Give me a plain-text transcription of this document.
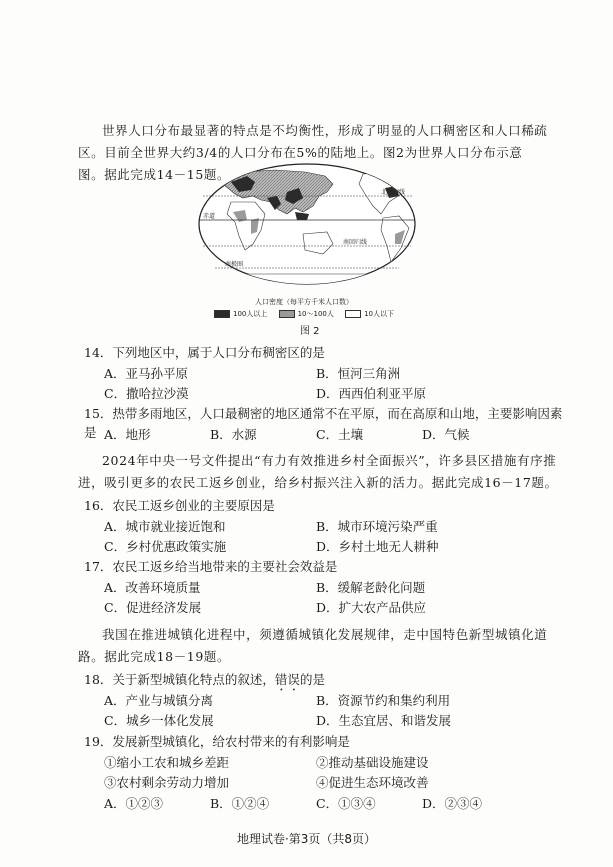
世界人口分布最显著的特点是不均衡性，形成了明显的人口稠密区和人口稀疏区。目前全世界大约3/4的人口分布在5%的陆地上。图2为世界人口分布示意图。据此完成14－15题。
北回归线
赤道
南回归线
南极圈
人口密度（每平方千米人口数）
100人以上	10～100人	10人以下
图 2
14．下列地区中，属于人口分布稠密区的是
A．亚马孙平原	B．恒河三角洲
C．撒哈拉沙漠	D．西西伯利亚平原
15．热带多雨地区，人口最稠密的地区通常不在平原，而在高原和山地，主要影响因素是 A．地形	B．水源	C．土壤	D．气候
2024年中央一号文件提出“有力有效推进乡村全面振兴”，许多县区措施有序推进，吸引更多的农民工返乡创业，给乡村振兴注入新的活力。据此完成16－17题。
16．农民工返乡创业的主要原因是
A．城市就业接近饱和	B．城市环境污染严重
C．乡村优惠政策实施	D．乡村土地无人耕种
17．农民工返乡给当地带来的主要社会效益是
A．改善环境质量	B．缓解老龄化问题
C．促进经济发展	D．扩大农产品供应
我国在推进城镇化进程中，须遵循城镇化发展规律，走中国特色新型城镇化道路。据此完成18－19题。
18．关于新型城镇化特点的叙述，错误的是
A．产业与城镇分离	B．资源节约和集约利用
C．城乡一体化发展	D．生态宜居、和谐发展
19．发展新型城镇化，给农村带来的有利影响是
①缩小工农和城乡差距	②推动基础设施建设
③农村剩余劳动力增加	④促进生态环境改善
A．①②③	B．①②④	C．①③④	D．②③④
地理试卷·第3页（共8页）
